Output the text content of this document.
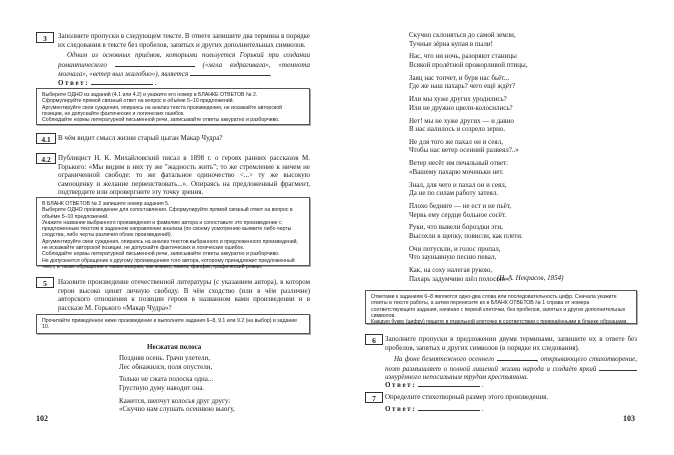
3	Заполните пропуски в следующем тексте. В ответе запишите два термина в порядке их следования в тексте без пробелов, запятых и других дополнительных символов.
Одним из основных приёмов, которыми пользуется Горький при создании романтического	(«мгла вздрагивала», «темнота молчала», «ветер выл жалобно»), является	.
Ответ:	.

Выберите ОДНО из заданий (4.1 или 4.2) и укажите его номер в БЛАНКЕ ОТВЕТОВ № 2.

Сформулируйте прямой связный ответ на вопрос в объёме 5–10 предложений.

Аргументируйте свои суждения, опираясь на анализ текста произведения, не искажайте авторской позиции, не допускайте фактических и логических ошибок.

Соблюдайте нормы литературной письменной речи, записывайте ответы аккуратно и разборчиво.

4.1	В чём видит смысл жизни старый цыган Макар Чудра?
4.2	Публицист Н. К. Михайловский писал в 1898 г. о героях ранних рассказов М. Горького: «Мы видим в них ту же "жадность жить"; то же стремление к ничем не ограниченной свободе: то же фатальное одиночество <...> ту же высокую самооценку и желание первенствовать...». Опираясь на предложенный фрагмент, подтвердите или опровергните эту точку зрения.

В БЛАНК ОТВЕТОВ № 2 запишите номер задания 5.

Выберите ОДНО произведение для сопоставления. Сформулируйте прямой связный ответ на вопрос в объёме 5–10 предложений.

Укажите название выбранного произведения и фамилию автора и сопоставьте это произведение с предложенным текстом в заданном направлении анализа (по своему усмотрению выявите либо черты сходства, либо черты различия обоих произведений).

Аргументируйте свои суждения, опираясь на анализ текстов выбранного и предложенного произведений, не искажайте авторской позиции, не допускайте фактических и логических ошибок.

Соблюдайте нормы литературной письменной речи, записывайте ответы аккуратно и разборчиво.

Не допускается обращение к другому произведению того автора, которому принадлежит предложенный текст, а также обращение к таким жанрам, как комикс, манга, фанфик, графический роман.

5	Назовите произведение отечественной литературы (с указанием автора), в котором герои высоко ценят личную свободу. В чём сходство (или в чём различие) авторского отношения к позиции героев в названном вами произведении и в рассказе М. Горького «Макар Чудра»?

Прочитайте приведённое ниже произведение и выполните задания 6–8, 9.1 или 9.2 (на выбор) и задание 10.

Несжатая полоса
Поздняя осень. Грачи улетели,
Лес обнажился, поля опустели,
Только не сжата полоска одна...
Грустную думу наводит она.
Кажется, шепчут колосья друг другу:
«Скучно нам слушать осеннюю вьюгу,
102
Скучно склоняться до самой земли,
Тучные зёрна купая в пыли!
Нас, что ни ночь, разоряют станицы
Всякой пролётной прожорливой птицы,
Заяц нас топчет, и буря нас бьёт...
Где же наш пахарь? чего ещё ждёт?
Или мы хуже других уродились?
Или не дружно цвели-колосились?
Нет! мы не хуже других — и давно
В нас налилось и созрело зерно.
Не для того же пахал он и сеял,
Чтобы нас ветер осенний развеял?..»
Ветер несёт им печальный ответ:
«Вашему пахарю моченьки нет.
Знал, для чего и пахал он и сеял,
Да не по силам работу затеял.
Плохо бедняге — не ест и не пьёт,
Червь ему сердце больное сосёт.
Руки, что вывели бороздки эти,
Высохли в щепку, повисли, как плети.
Очи потускли, и голос пропал,
Что заунывную песню певал,
Как, на соху налегая рукою,
Пахарь задумчиво шёл полосою».
(Н. А. Некрасов, 1854)

Ответами к заданиям 6–8 являются одно-два слова или последовательность цифр. Сначала укажите ответы в тексте работы, а затем перенесите их в БЛАНК ОТВЕТОВ № 1 справа от номера соответствующего задания, начиная с первой клеточки, без пробелов, запятых и других дополнительных символов.

Каждую букву (цифру) пишите в отдельной клеточке в соответствии с приведёнными в бланке образцами.

6	Заполните пропуски в предложении двумя терминами, запишите их в ответе без пробелов, запятых и других символов (в порядке их следования).
На фоне безмятежного осеннего	, открывающего стихотворение, поэт размышляет о полной лишений жизни народа и создаёт яркий  изнурённого непосильным трудом крестьянина.
Ответ:	.
7	Определите стихотворный размер этого произведения.
Ответ:	.
103
